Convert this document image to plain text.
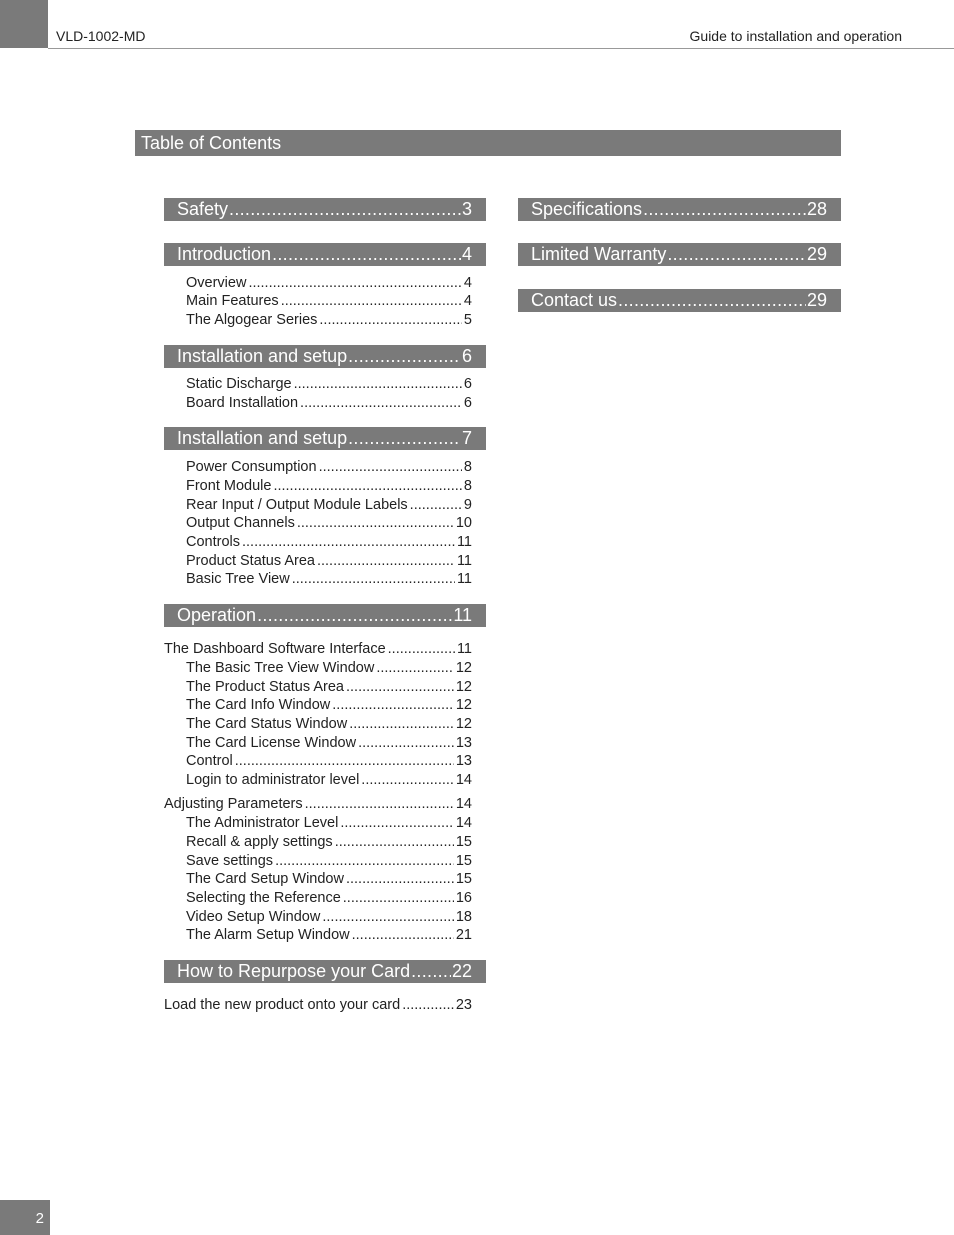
VLD-1002-MD	Guide to installation and operation
Table of Contents
Safety .....	3
Introduction .....	4
Overview .....	4
Main Features .....	4
The Algogear Series .....	5
Installation and setup .....	6
Static Discharge .....	6
Board Installation .....	6
Installation and setup .....	7
Power Consumption .....	8
Front Module .....	8
Rear Input / Output Module Labels .....	9
Output Channels .....	10
Controls .....	11
Product Status Area .....	11
Basic Tree View .....	11
Operation .....	11
The Dashboard Software Interface .....	11
The Basic Tree View Window .....	12
The Product Status Area .....	12
The Card Info Window .....	12
The Card Status Window .....	12
The Card License Window .....	13
Control .....	13
Login to administrator level .....	14
Adjusting Parameters .....	14
The Administrator Level .....	14
Recall & apply settings .....	15
Save settings .....	15
The Card Setup Window .....	15
Selecting the Reference .....	16
Video Setup Window .....	18
The Alarm Setup Window .....	21
How to Repurpose your Card ..... 22
Load the new product onto your card .....	23
Specifications .....	28
Limited Warranty .....	29
Contact us .....	29
2
